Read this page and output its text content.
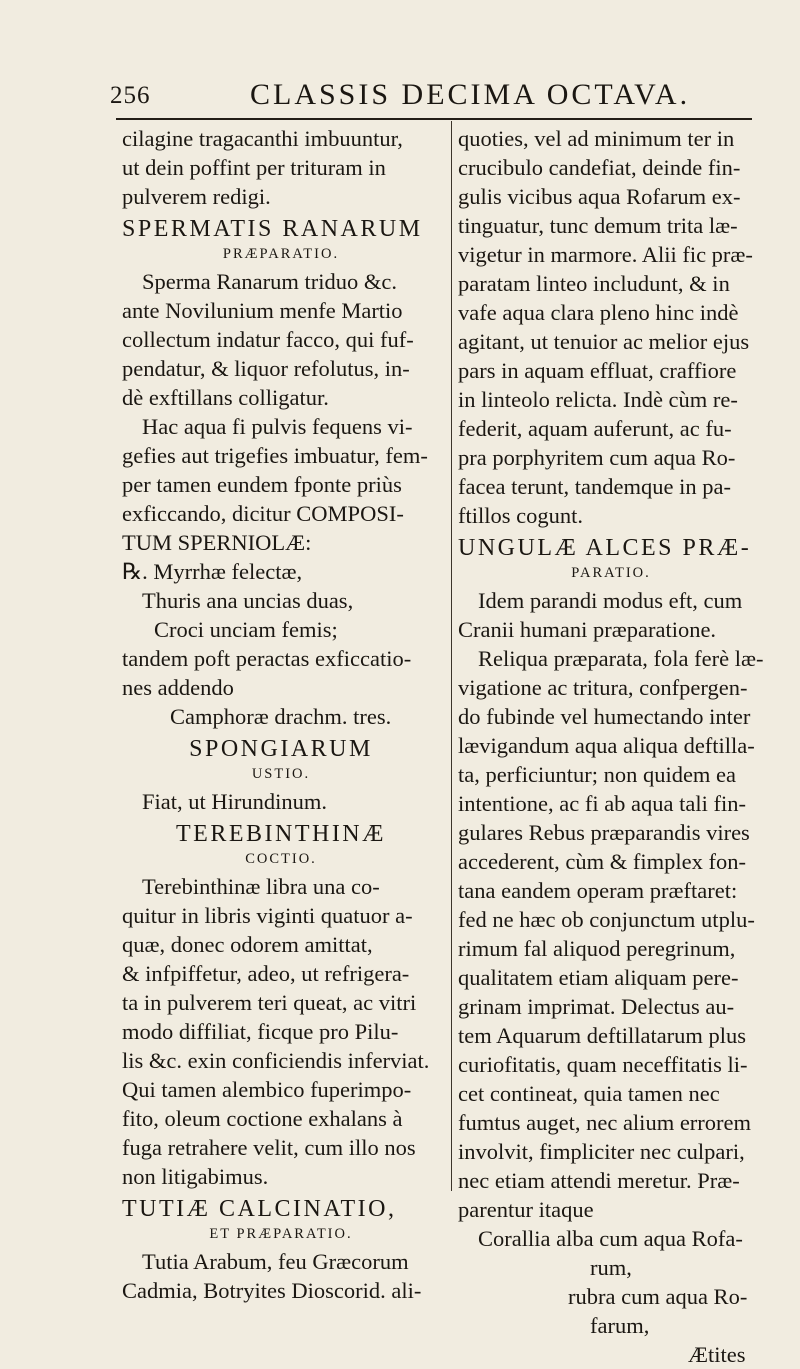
256	CLASSIS DECIMA OCTAVA.
cilagine tragacanthi imbuuntur,
ut dein poffint per trituram in
pulverem redigi.
SPERMATIS RANARUM
PRÆPARATIO.
Sperma Ranarum triduo &c.
ante Novilunium menfe Martio
collectum indatur facco, qui fuf-
pendatur, & liquor refolutus, in-
dè exftillans colligatur.
Hac aqua fi pulvis fequens vi-
gefies aut trigefies imbuatur, fem-
per tamen eundem fponte priùs
exficcando, dicitur COMPOSI-
TUM SPERNIOLÆ:
℞. Myrrhæ felectæ,
Thuris ana uncias duas,
Croci unciam femis;
tandem poft peractas exficcatio-
nes addendo
Camphoræ drachm. tres.
SPONGIARUM
USTIO.
Fiat, ut Hirundinum.
TEREBINTHINÆ
COCTIO.
Terebinthinæ libra una co-
quitur in libris viginti quatuor a-
quæ, donec odorem amittat,
& infpiffetur, adeo, ut refrigera-
ta in pulverem teri queat, ac vitri
modo diffiliat, ficque pro Pilu-
lis &c. exin conficiendis inferviat.
Qui tamen alembico fuperimpo-
fito, oleum coctione exhalans à
fuga retrahere velit, cum illo nos
non litigabimus.
TUTIÆ CALCINATIO,
ET PRÆPARATIO.
Tutia Arabum, feu Græcorum
Cadmia, Botryites Dioscorid. ali-
quoties, vel ad minimum ter in
crucibulo candefiat, deinde fin-
gulis vicibus aqua Rofarum ex-
tinguatur, tunc demum trita læ-
vigetur in marmore. Alii fic præ-
paratam linteo includunt, & in
vafe aqua clara pleno hinc indè
agitant, ut tenuior ac melior ejus
pars in aquam effluat, craffiore
in linteolo relicta. Indè cùm re-
federit, aquam auferunt, ac fu-
pra porphyritem cum aqua Ro-
facea terunt, tandemque in pa-
ftillos cogunt.
UNGULÆ ALCES PRÆ-
PARATIO.
Idem parandi modus eft, cum
Cranii humani præparatione.
Reliqua præparata, fola ferè læ-
vigatione ac tritura, confpergen-
do fubinde vel humectando inter
lævigandum aqua aliqua deftilla-
ta, perficiuntur; non quidem ea
intentione, ac fi ab aqua tali fin-
gulares Rebus præparandis vires
accederent, cùm & fimplex fon-
tana eandem operam præftaret:
fed ne hæc ob conjunctum utplu-
rimum fal aliquod peregrinum,
qualitatem etiam aliquam pere-
grinam imprimat. Delectus au-
tem Aquarum deftillatarum plus
curiofitatis, quam neceffitatis li-
cet contineat, quia tamen nec
fumtus auget, nec alium errorem
involvit, fimpliciter nec culpari,
nec etiam attendi meretur. Præ-
parentur itaque
Corallia alba cum aqua Rofa-
rum,
rubra cum aqua Ro-
farum,
Ætites
